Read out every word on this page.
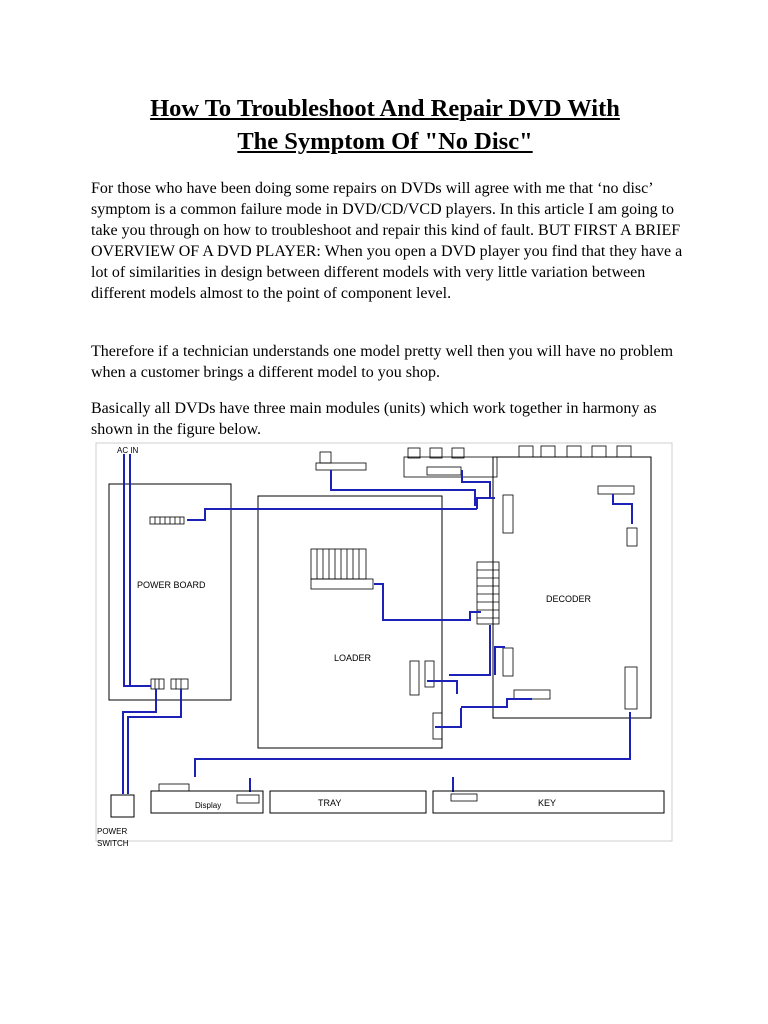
How To Troubleshoot And Repair DVD With
The Symptom Of "No Disc"

For those who have been doing some repairs on DVDs will agree with me that ‘no disc’ symptom is a common failure mode in DVD/CD/VCD players. In this article I am going to take you through on how to troubleshoot and repair this kind of fault. BUT FIRST A BRIEF OVERVIEW OF A DVD PLAYER: When you open a DVD player you find that they have a lot of similarities in design between different models with very little variation between different models almost to the point of component level.

Therefore if a technician understands one model pretty well then you will have no problem when a customer brings a different model to you shop.

Basically all DVDs have three main modules (units) which work together in harmony as shown in the figure below.

POWER BOARD
LOADER
DECODER
AC IN
Display	TRAY	KEY
POWER
SWITCH
